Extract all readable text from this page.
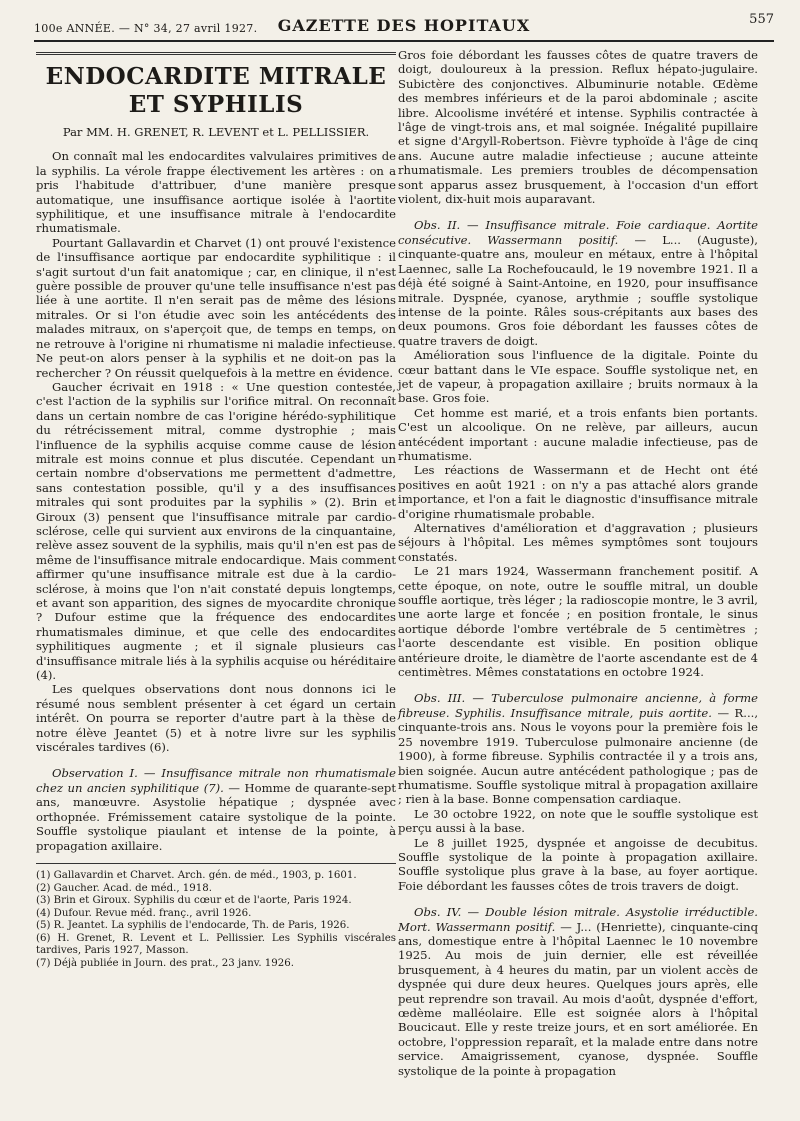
100e ANNÉE. — N° 34, 27 avril 1927.	GAZETTE DES HOPITAUX	557
ENDOCARDITE MITRALE ET SYPHILIS
Par MM. H. GRENET, R. LEVENT et L. PELLISSIER.

On connaît mal les endocardites valvulaires primitives de la syphilis. La vérole frappe électivement les artères : on a pris l'habitude d'attribuer, d'une manière presque automatique, une insuffisance aortique isolée à l'aortite syphilitique, et une insuffisance mitrale à l'endocardite rhumatismale.

Pourtant Gallavardin et Charvet (1) ont prouvé l'existence de l'insuffisance aortique par endocardite syphilitique : il s'agit surtout d'un fait anatomique ; car, en clinique, il n'est guère possible de prouver qu'une telle insuffisance n'est pas liée à une aortite. Il n'en serait pas de même des lésions mitrales. Or si l'on étudie avec soin les antécédents des malades mitraux, on s'aperçoit que, de temps en temps, on ne retrouve à l'origine ni rhumatisme ni maladie infectieuse. Ne peut-on alors penser à la syphilis et ne doit-on pas la rechercher ? On réussit quelquefois à la mettre en évidence.

Gaucher écrivait en 1918 : « Une question contestée, c'est l'action de la syphilis sur l'orifice mitral. On reconnaît dans un certain nombre de cas l'origine hérédo-syphilitique du rétrécissement mitral, comme dystrophie ; mais l'influence de la syphilis acquise comme cause de lésion mitrale est moins connue et plus discutée. Cependant un certain nombre d'observations me permettent d'admettre, sans contestation possible, qu'il y a des insuffisances mitrales qui sont produites par la syphilis » (2). Brin et Giroux (3) pensent que l'insuffisance mitrale par cardio-sclérose, celle qui survient aux environs de la cinquantaine, relève assez souvent de la syphilis, mais qu'il n'en est pas de même de l'insuffisance mitrale endocardique. Mais comment affirmer qu'une insuffisance mitrale est due à la cardio-sclérose, à moins que l'on n'ait constaté depuis longtemps, et avant son apparition, des signes de myocardite chronique ? Dufour estime que la fréquence des endocardites rhumatismales diminue, et que celle des endocardites syphilitiques augmente ; et il signale plusieurs cas d'insuffisance mitrale liés à la syphilis acquise ou héréditaire (4).

Les quelques observations dont nous donnons ici le résumé nous semblent présenter à cet égard un certain intérêt. On pourra se reporter d'autre part à la thèse de notre élève Jeantet (5) et à notre livre sur les syphilis viscérales tardives (6).

Observation I. — Insuffisance mitrale non rhumatismale chez un ancien syphilitique (7). — Homme de quarante-sept ans, manœuvre. Asystolie hépatique ; dyspnée avec orthopnée. Frémissement cataire systolique de la pointe. Souffle systolique piaulant et intense de la pointe, à propagation axillaire.

(1) Gallavardin et Charvet. Arch. gén. de méd., 1903, p. 1601.
(2) Gaucher. Acad. de méd., 1918.
(3) Brin et Giroux. Syphilis du cœur et de l'aorte, Paris 1924.
(4) Dufour. Revue méd. franç., avril 1926.
(5) R. Jeantet. La syphilis de l'endocarde, Th. de Paris, 1926.
(6) H. Grenet, R. Levent et L. Pellissier. Les Syphilis viscérales tardives, Paris 1927, Masson.
(7) Déjà publiée in Journ. des prat., 23 janv. 1926.

Gros foie débordant les fausses côtes de quatre travers de doigt, douloureux à la pression. Reflux hépato-jugulaire. Subictère des conjonctives. Albuminurie notable. Œdème des membres inférieurs et de la paroi abdominale ; ascite libre. Alcoolisme invétéré et intense. Syphilis contractée à l'âge de vingt-trois ans, et mal soignée. Inégalité pupillaire et signe d'Argyll-Robertson. Fièvre typhoïde à l'âge de cinq ans. Aucune autre maladie infectieuse ; aucune atteinte rhumatismale. Les premiers troubles de décompensation sont apparus assez brusquement, à l'occasion d'un effort violent, dix-huit mois auparavant.

Obs. II. — Insuffisance mitrale. Foie cardiaque. Aortite consécutive. Wassermann positif. — L... (Auguste), cinquante-quatre ans, mouleur en métaux, entre à l'hôpital Laennec, salle La Rochefoucauld, le 19 novembre 1921. Il a déjà été soigné à Saint-Antoine, en 1920, pour insuffisance mitrale. Dyspnée, cyanose, arythmie ; souffle systolique intense de la pointe. Râles sous-crépitants aux bases des deux poumons. Gros foie débordant les fausses côtes de quatre travers de doigt.

Amélioration sous l'influence de la digitale. Pointe du cœur battant dans le VIe espace. Souffle systolique net, en jet de vapeur, à propagation axillaire ; bruits normaux à la base. Gros foie.

Cet homme est marié, et a trois enfants bien portants. C'est un alcoolique. On ne relève, par ailleurs, aucun antécédent important : aucune maladie infectieuse, pas de rhumatisme.

Les réactions de Wassermann et de Hecht ont été positives en août 1921 : on n'y a pas attaché alors grande importance, et l'on a fait le diagnostic d'insuffisance mitrale d'origine rhumatismale probable.

Alternatives d'amélioration et d'aggravation ; plusieurs séjours à l'hôpital. Les mêmes symptômes sont toujours constatés.

Le 21 mars 1924, Wassermann franchement positif. A cette époque, on note, outre le souffle mitral, un double souffle aortique, très léger ; la radioscopie montre, le 3 avril, une aorte large et foncée ; en position frontale, le sinus aortique déborde l'ombre vertébrale de 5 centimètres ; l'aorte descendante est visible. En position oblique antérieure droite, le diamètre de l'aorte ascendante est de 4 centimètres. Mêmes constatations en octobre 1924.

Obs. III. — Tuberculose pulmonaire ancienne, à forme fibreuse. Syphilis. Insuffisance mitrale, puis aortite. — R..., cinquante-trois ans. Nous le voyons pour la première fois le 25 novembre 1919. Tuberculose pulmonaire ancienne (de 1900), à forme fibreuse. Syphilis contractée il y a trois ans, bien soignée. Aucun autre antécédent pathologique ; pas de rhumatisme. Souffle systolique mitral à propagation axillaire ; rien à la base. Bonne compensation cardiaque.

Le 30 octobre 1922, on note que le souffle systolique est perçu aussi à la base.

Le 8 juillet 1925, dyspnée et angoisse de decubitus. Souffle systolique de la pointe à propagation axillaire. Souffle systolique plus grave à la base, au foyer aortique. Foie débordant les fausses côtes de trois travers de doigt.

Obs. IV. — Double lésion mitrale. Asystolie irréductible. Mort. Wassermann positif. — J... (Henriette), cinquante-cinq ans, domestique entre à l'hôpital Laennec le 10 novembre 1925. Au mois de juin dernier, elle est réveillée brusquement, à 4 heures du matin, par un violent accès de dyspnée qui dure deux heures. Quelques jours après, elle peut reprendre son travail. Au mois d'août, dyspnée d'effort, œdème malléolaire. Elle est soignée alors à l'hôpital Boucicaut. Elle y reste treize jours, et en sort améliorée. En octobre, l'oppression reparaît, et la malade entre dans notre service. Amaigrissement, cyanose, dyspnée. Souffle systolique de la pointe à propagation
